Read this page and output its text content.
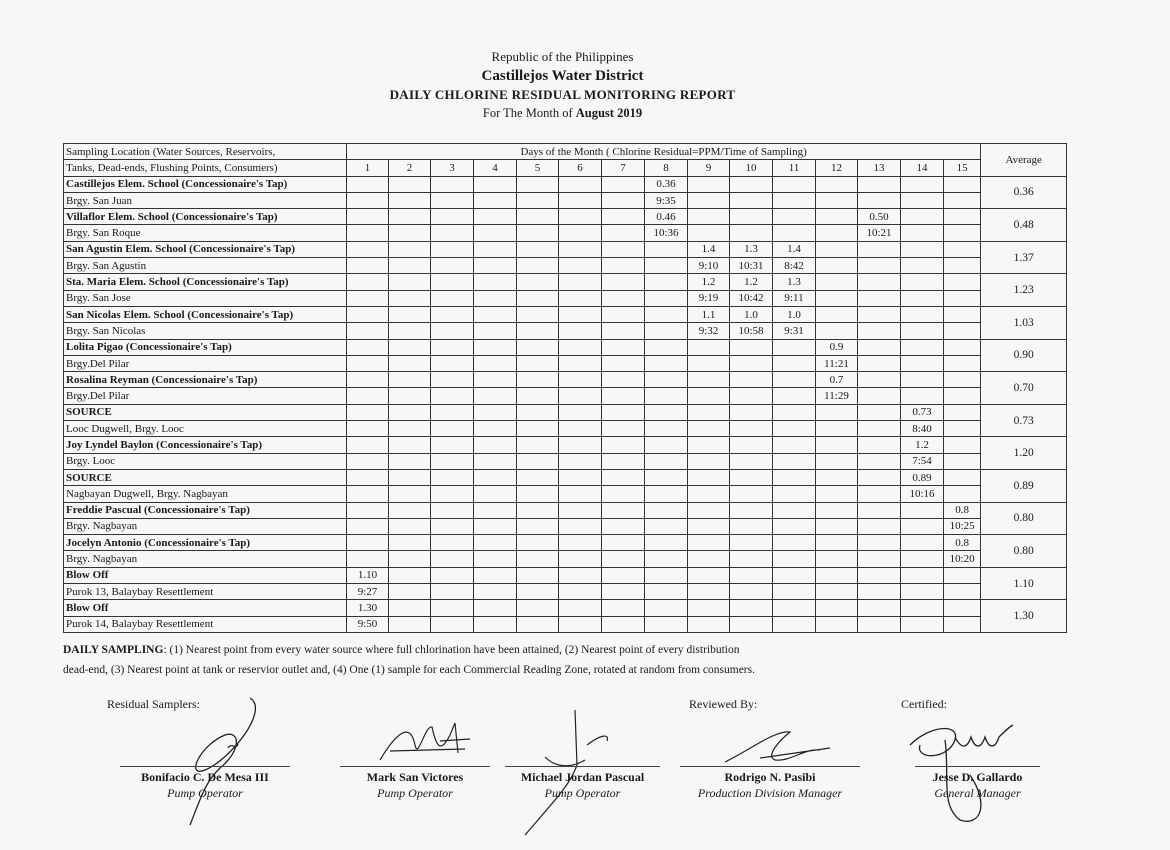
Republic of the Philippines
Castillejos Water District
DAILY CHLORINE RESIDUAL MONITORING REPORT
For The Month of August 2019
Sampling Location (Water Sources, Reservoirs,	Days of the Month ( Chlorine Residual=PPM/Time of Sampling)															Average
Tanks, Dead-ends, Flushing Points, Consumers)	1	2	3	4	5	6	7	8	9	10	11	12	13	14	15	
Castillejos Elem. School (Concessionaire's Tap)								0.36								0.36
Brgy. San Juan								9:35								
Villaflor Elem. School (Concessionaire's Tap)								0.46					0.50			0.48
Brgy. San Roque								10:36					10:21			
San Agustin Elem. School (Concessionaire's Tap)									1.4	1.3	1.4					1.37
Brgy. San Agustin									9:10	10:31	8:42					
Sta. Maria Elem. School (Concessionaire's Tap)									1.2	1.2	1.3					1.23
Brgy. San Jose									9:19	10:42	9:11					
San Nicolas Elem. School (Concessionaire's Tap)									1.1	1.0	1.0					1.03
Brgy. San Nicolas									9:32	10:58	9:31					
Lolita Pigao (Concessionaire's Tap)												0.9				0.90
Brgy.Del Pilar												11:21				
Rosalina Reyman (Concessionaire's Tap)												0.7				0.70
Brgy.Del Pilar												11:29				
SOURCE														0.73		0.73
Looc Dugwell, Brgy. Looc														8:40		
Joy Lyndel Baylon (Concessionaire's Tap)														1.2		1.20
Brgy. Looc														7:54		
SOURCE														0.89		0.89
Nagbayan Dugwell, Brgy. Nagbayan														10:16		
Freddie Pascual (Concessionaire's Tap)															0.8	0.80
Brgy. Nagbayan															10:25	
Jocelyn Antonio (Concessionaire's Tap)															0.8	0.80
Brgy. Nagbayan															10:20	
Blow Off	1.10															1.10
Purok 13, Balaybay Resettlement	9:27															
Blow Off	1.30															1.30
Purok 14, Balaybay Resettlement	9:50															
DAILY SAMPLING: (1) Nearest point from every water source where full chlorination have been attained, (2) Nearest point of every distribution
dead-end, (3) Nearest point at tank or reservior outlet and, (4) One (1) sample for each Commercial Reading Zone, rotated at random from consumers.
Residual Samplers:	Reviewed By:	Certified:
Bonifacio C. De Mesa III
Pump Operator
Mark San Victores
Pump Operator
Michael Jordan Pascual
Pump Operator
Rodrigo N. Pasibi
Production Division Manager
Jesse D. Gallardo
General Manager
